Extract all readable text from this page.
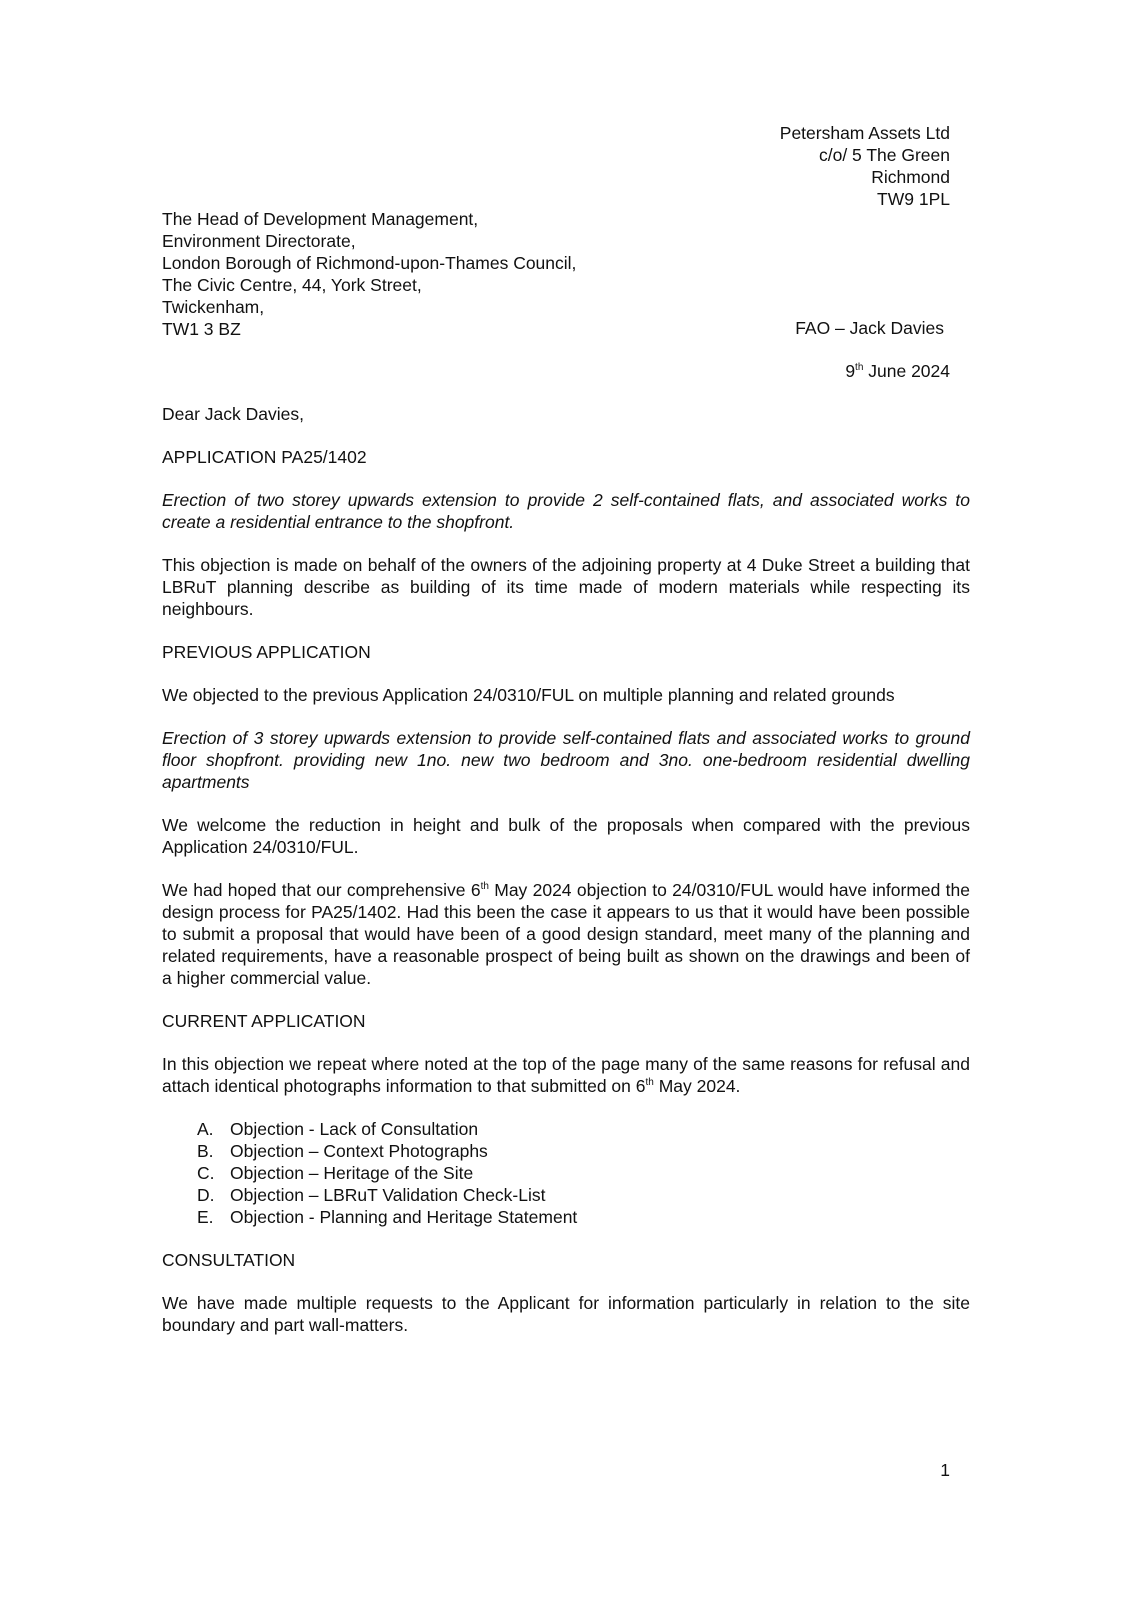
Petersham Assets Ltd
c/o/ 5 The Green
Richmond
TW9 1PL
The Head of Development Management,
Environment Directorate,
London Borough of Richmond-upon-Thames Council,
The Civic Centre, 44, York Street,
Twickenham,
TW1 3 BZ	FAO – Jack Davies
9th June 2024

Dear Jack Davies,

APPLICATION PA25/1402

Erection of two storey upwards extension to provide 2 self-contained flats, and associated works to create a residential entrance to the shopfront.

This objection is made on behalf of the owners of the adjoining property at 4 Duke Street a building that LBRuT planning describe as building of its time made of modern materials while respecting its neighbours.

PREVIOUS APPLICATION

We objected to the previous Application 24/0310/FUL on multiple planning and related grounds

Erection of 3 storey upwards extension to provide self-contained flats and associated works to ground floor shopfront. providing new 1no. new two bedroom and 3no. one-bedroom residential dwelling apartments

We welcome the reduction in height and bulk of the proposals when compared with the previous Application 24/0310/FUL.

We had hoped that our comprehensive 6th May 2024 objection to 24/0310/FUL would have informed the design process for PA25/1402. Had this been the case it appears to us that it would have been possible to submit a proposal that would have been of a good design standard, meet many of the planning and related requirements, have a reasonable prospect of being built as shown on the drawings and been of a higher commercial value.

CURRENT APPLICATION

In this objection we repeat where noted at the top of the page many of the same reasons for refusal and attach identical photographs information to that submitted on 6th May 2024.

A. Objection - Lack of Consultation
B. Objection – Context Photographs
C. Objection – Heritage of the Site
D. Objection – LBRuT Validation Check-List
E. Objection - Planning and Heritage Statement

CONSULTATION

We have made multiple requests to the Applicant for information particularly in relation to the site boundary and part wall-matters.

1
